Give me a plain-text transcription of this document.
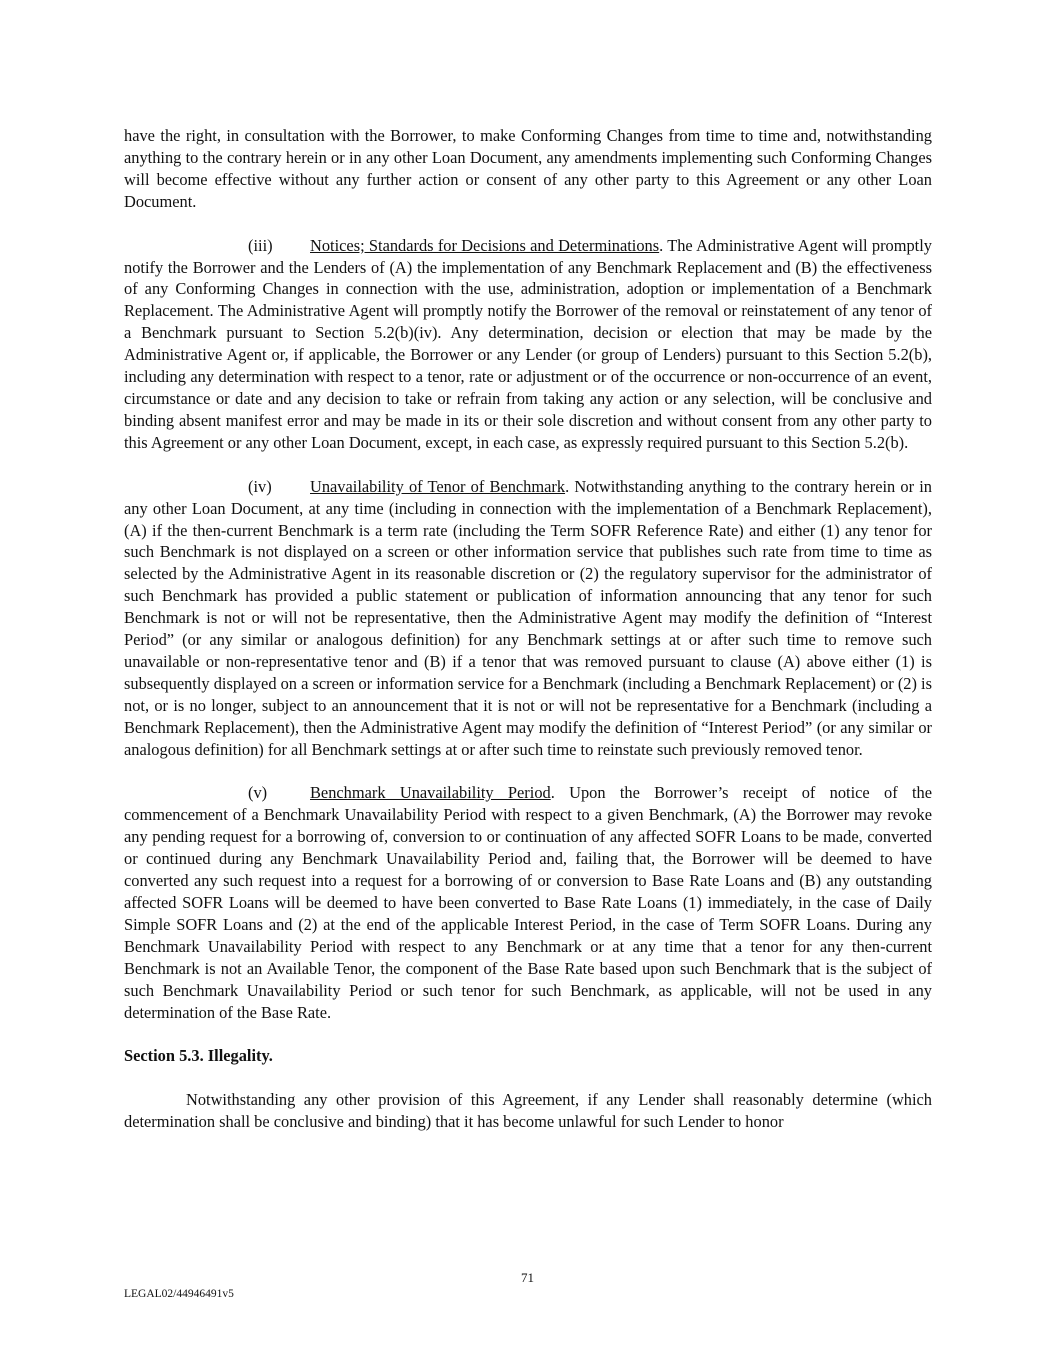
have the right, in consultation with the Borrower, to make Conforming Changes from time to time and, notwithstanding anything to the contrary herein or in any other Loan Document, any amendments implementing such Conforming Changes will become effective without any further action or consent of any other party to this Agreement or any other Loan Document.

(iii) Notices; Standards for Decisions and Determinations. The Administrative Agent will promptly notify the Borrower and the Lenders of (A) the implementation of any Benchmark Replacement and (B) the effectiveness of any Conforming Changes in connection with the use, administration, adoption or implementation of a Benchmark Replacement. The Administrative Agent will promptly notify the Borrower of the removal or reinstatement of any tenor of a Benchmark pursuant to Section 5.2(b)(iv). Any determination, decision or election that may be made by the Administrative Agent or, if applicable, the Borrower or any Lender (or group of Lenders) pursuant to this Section 5.2(b), including any determination with respect to a tenor, rate or adjustment or of the occurrence or non-occurrence of an event, circumstance or date and any decision to take or refrain from taking any action or any selection, will be conclusive and binding absent manifest error and may be made in its or their sole discretion and without consent from any other party to this Agreement or any other Loan Document, except, in each case, as expressly required pursuant to this Section 5.2(b).

(iv) Unavailability of Tenor of Benchmark. Notwithstanding anything to the contrary herein or in any other Loan Document, at any time (including in connection with the implementation of a Benchmark Replacement), (A) if the then-current Benchmark is a term rate (including the Term SOFR Reference Rate) and either (1) any tenor for such Benchmark is not displayed on a screen or other information service that publishes such rate from time to time as selected by the Administrative Agent in its reasonable discretion or (2) the regulatory supervisor for the administrator of such Benchmark has provided a public statement or publication of information announcing that any tenor for such Benchmark is not or will not be representative, then the Administrative Agent may modify the definition of “Interest Period” (or any similar or analogous definition) for any Benchmark settings at or after such time to remove such unavailable or non-representative tenor and (B) if a tenor that was removed pursuant to clause (A) above either (1) is subsequently displayed on a screen or information service for a Benchmark (including a Benchmark Replacement) or (2) is not, or is no longer, subject to an announcement that it is not or will not be representative for a Benchmark (including a Benchmark Replacement), then the Administrative Agent may modify the definition of “Interest Period” (or any similar or analogous definition) for all Benchmark settings at or after such time to reinstate such previously removed tenor.

(v)	Benchmark Unavailability Period. Upon the Borrower’s receipt of notice of the commencement of a Benchmark Unavailability Period with respect to a given Benchmark, (A) the Borrower may revoke any pending request for a borrowing of, conversion to or continuation of any affected SOFR Loans to be made, converted or continued during any Benchmark Unavailability Period and, failing that, the Borrower will be deemed to have converted any such request into a request for a borrowing of or conversion to Base Rate Loans and (B) any outstanding affected SOFR Loans will be deemed to have been converted to Base Rate Loans (1) immediately, in the case of Daily Simple SOFR Loans and (2) at the end of the applicable Interest Period, in the case of Term SOFR Loans. During any Benchmark Unavailability Period with respect to any Benchmark or at any time that a tenor for any then-current Benchmark is not an Available Tenor, the component of the Base Rate based upon such Benchmark that is the subject of such Benchmark Unavailability Period or such tenor for such Benchmark, as applicable, will not be used in any determination of the Base Rate.

Section 5.3. Illegality.

Notwithstanding any other provision of this Agreement, if any Lender shall reasonably determine (which determination shall be conclusive and binding) that it has become unlawful for such Lender to honor

71
LEGAL02/44946491v5
